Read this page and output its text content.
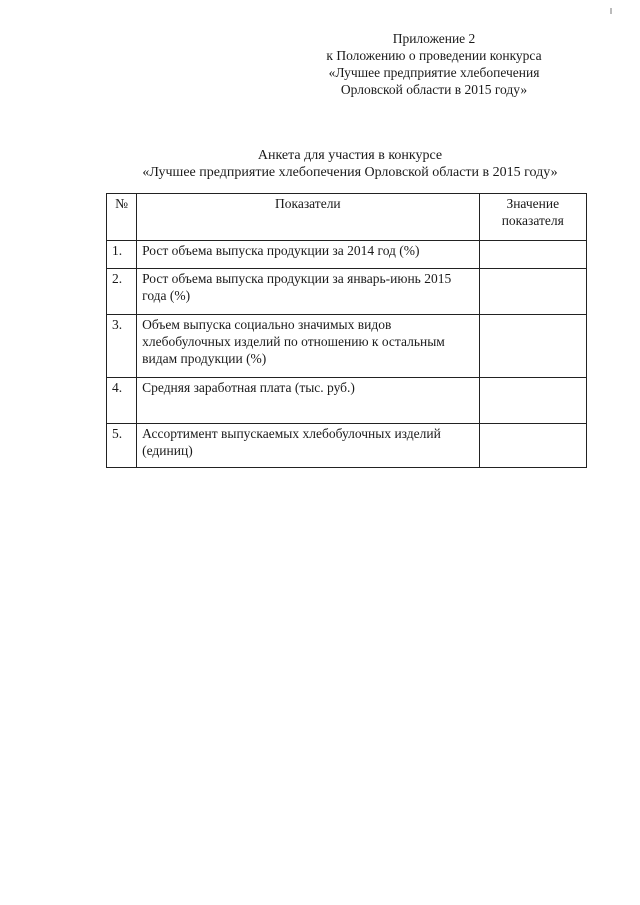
Приложение 2
к Положению о проведении конкурса
«Лучшее предприятие хлебопечения
Орловской области в 2015 году»
Анкета для участия в конкурсе
«Лучшее предприятие хлебопечения Орловской области в 2015 году»
№	Показатели	Значение показателя
1.	Рост объема выпуска продукции за 2014 год (%)	
2.	Рост объема выпуска продукции за январь-июнь 2015 года (%)	
3.	Объем выпуска социально значимых видов хлебобулочных изделий по отношению к остальным видам продукции (%)	
4.	Средняя заработная плата (тыс. руб.)	
5.	Ассортимент выпускаемых хлебобулочных изделий (единиц)	
